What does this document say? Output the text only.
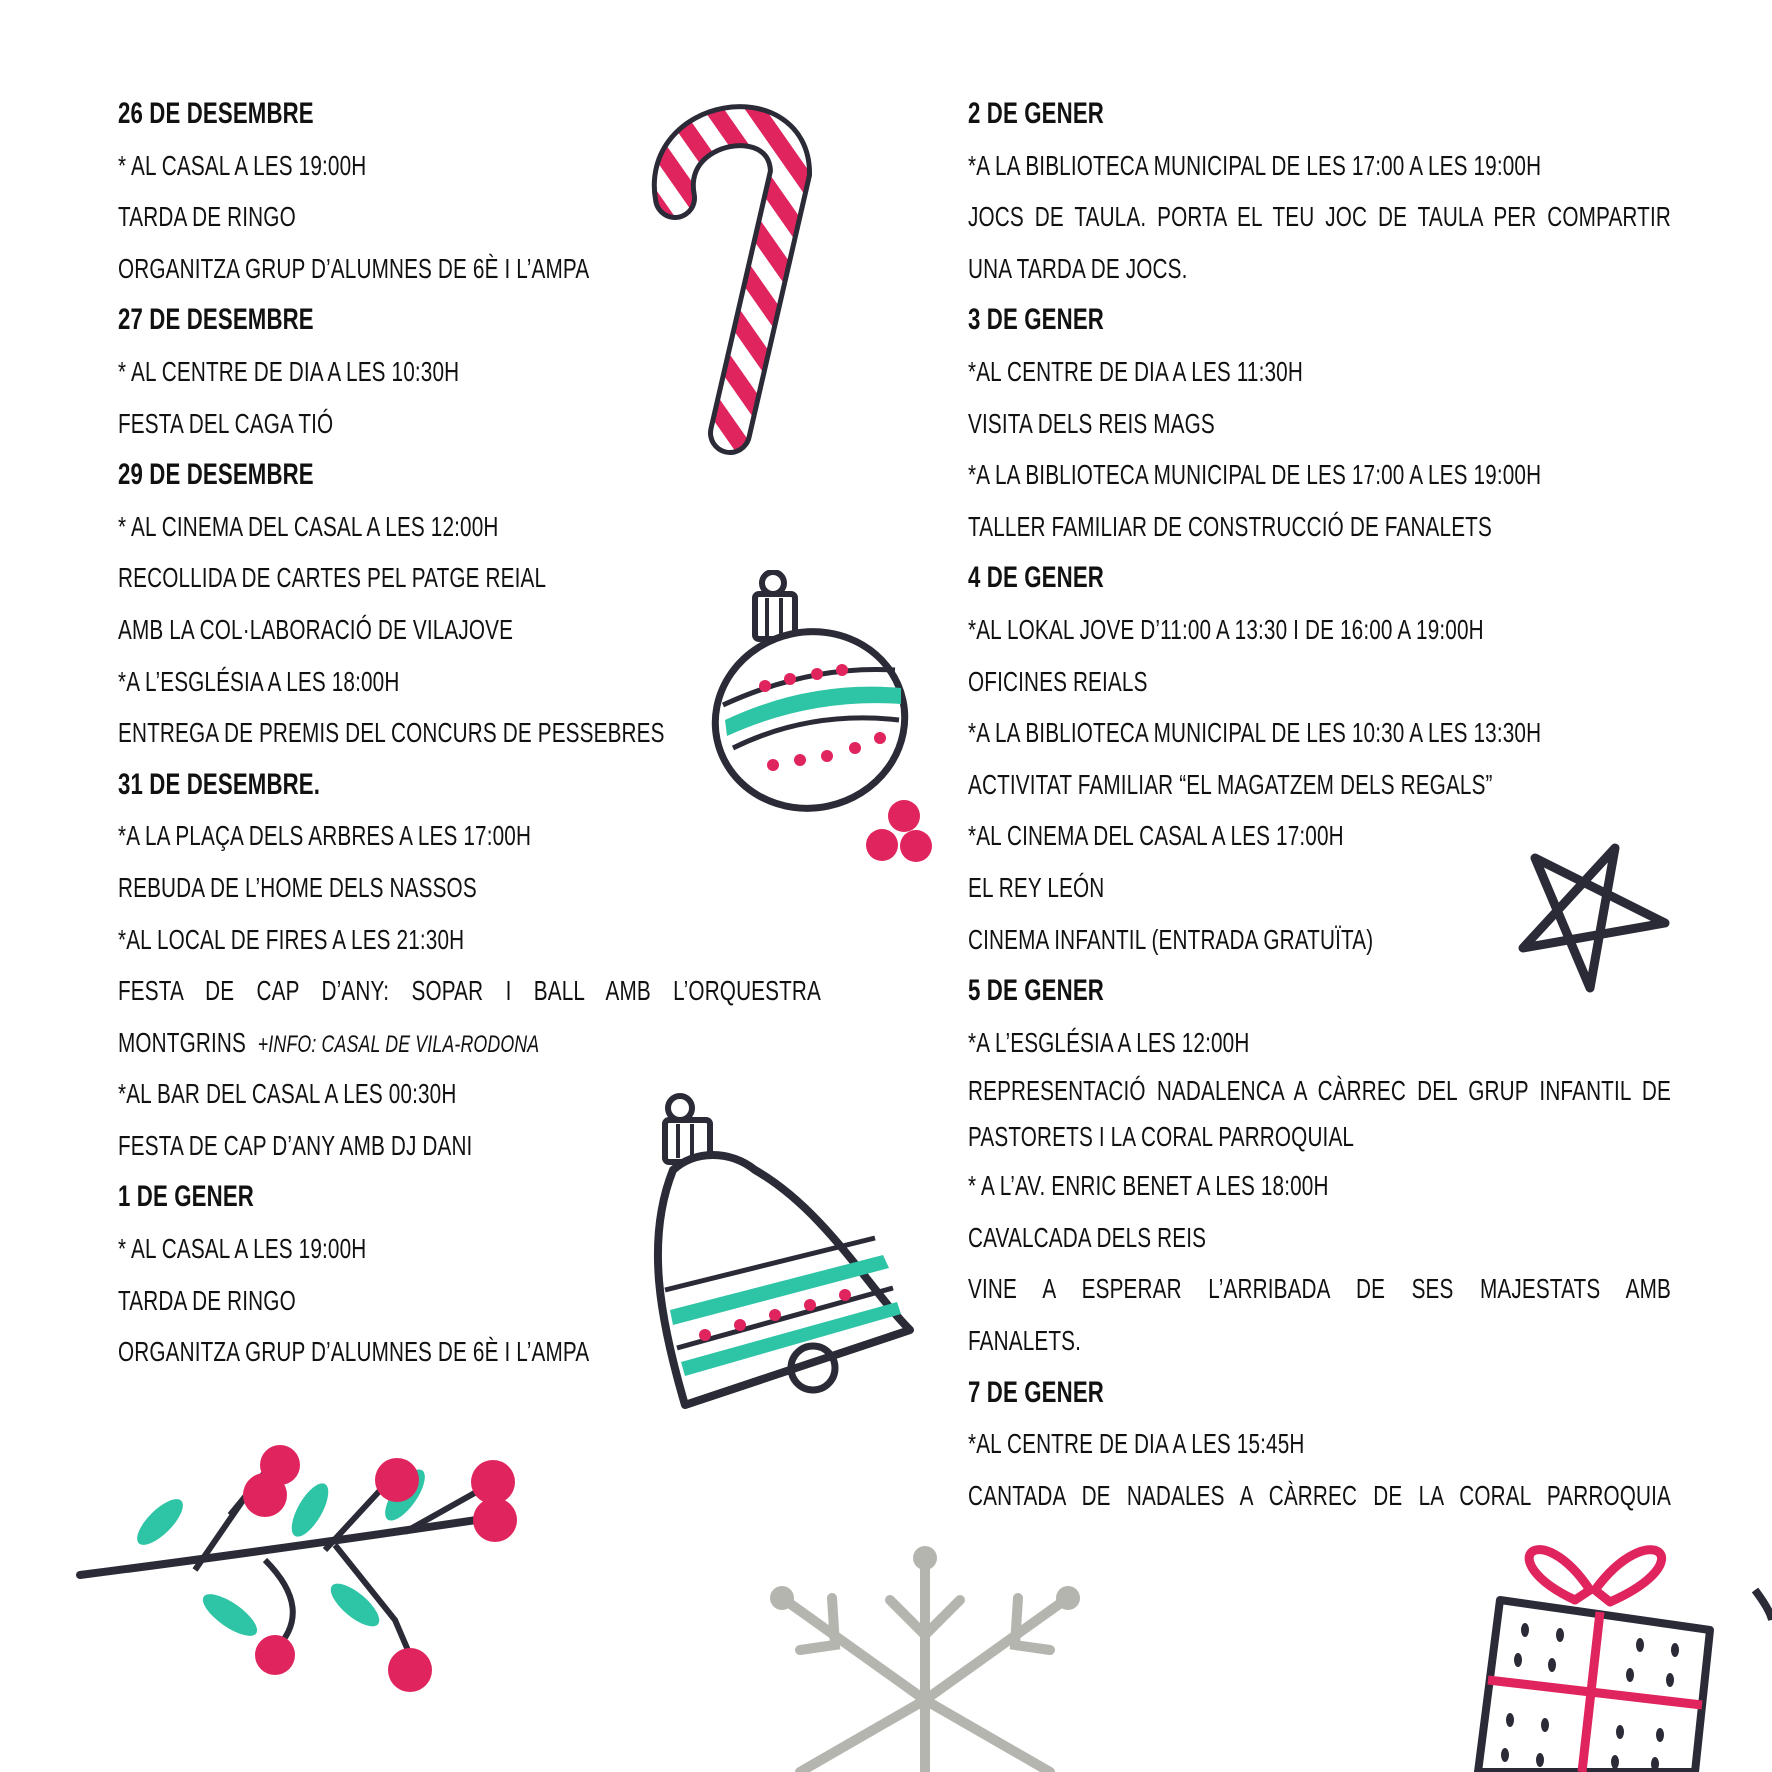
26 DE DESEMBRE
* AL CASAL A LES 19:00H
TARDA DE RINGO
ORGANITZA GRUP D’ALUMNES DE 6È I L’AMPA
27 DE DESEMBRE
* AL CENTRE DE DIA A LES 10:30H
FESTA DEL CAGA TIÓ
29 DE DESEMBRE
* AL CINEMA DEL CASAL A LES 12:00H
RECOLLIDA DE CARTES PEL PATGE REIAL
AMB LA COL·LABORACIÓ DE VILAJOVE
*A L’ESGLÉSIA A LES 18:00H
ENTREGA DE PREMIS DEL CONCURS DE PESSEBRES
31 DE DESEMBRE.
*A LA PLAÇA DELS ARBRES A LES 17:00H
REBUDA DE L’HOME DELS NASSOS
*AL LOCAL DE FIRES A LES 21:30H
FESTA DE CAP D’ANY: SOPAR I BALL AMB L’ORQUESTRA
MONTGRINS +INFO: CASAL DE VILA-RODONA
*AL BAR DEL CASAL A LES 00:30H
FESTA DE CAP D’ANY AMB DJ DANI
1 DE GENER
* AL CASAL A LES 19:00H
TARDA DE RINGO
ORGANITZA GRUP D’ALUMNES DE 6È I L’AMPA
2 DE GENER
*A LA BIBLIOTECA MUNICIPAL DE LES 17:00 A LES 19:00H
JOCS DE TAULA. PORTA EL TEU JOC DE TAULA PER COMPARTIR
UNA TARDA DE JOCS.
3 DE GENER
*AL CENTRE DE DIA A LES 11:30H
VISITA DELS REIS MAGS
*A LA BIBLIOTECA MUNICIPAL DE LES 17:00 A LES 19:00H
TALLER FAMILIAR DE CONSTRUCCIÓ DE FANALETS
4 DE GENER
*AL LOKAL JOVE D’11:00 A 13:30 I DE 16:00 A 19:00H
OFICINES REIALS
*A LA BIBLIOTECA MUNICIPAL DE LES 10:30 A LES 13:30H
ACTIVITAT FAMILIAR “EL MAGATZEM DELS REGALS”
*AL CINEMA DEL CASAL A LES 17:00H
EL REY LEÓN
CINEMA INFANTIL (ENTRADA GRATUÏTA)
5 DE GENER
*A L’ESGLÉSIA A LES 12:00H
REPRESENTACIÓ NADALENCA A CÀRREC DEL GRUP INFANTIL DE
PASTORETS I LA CORAL PARROQUIAL
* A L’AV. ENRIC BENET A LES 18:00H
CAVALCADA DELS REIS
VINE A ESPERAR L’ARRIBADA DE SES MAJESTATS AMB
FANALETS.
7 DE GENER
*AL CENTRE DE DIA A LES 15:45H
CANTADA DE NADALES A CÀRREC DE LA CORAL PARROQUIA
